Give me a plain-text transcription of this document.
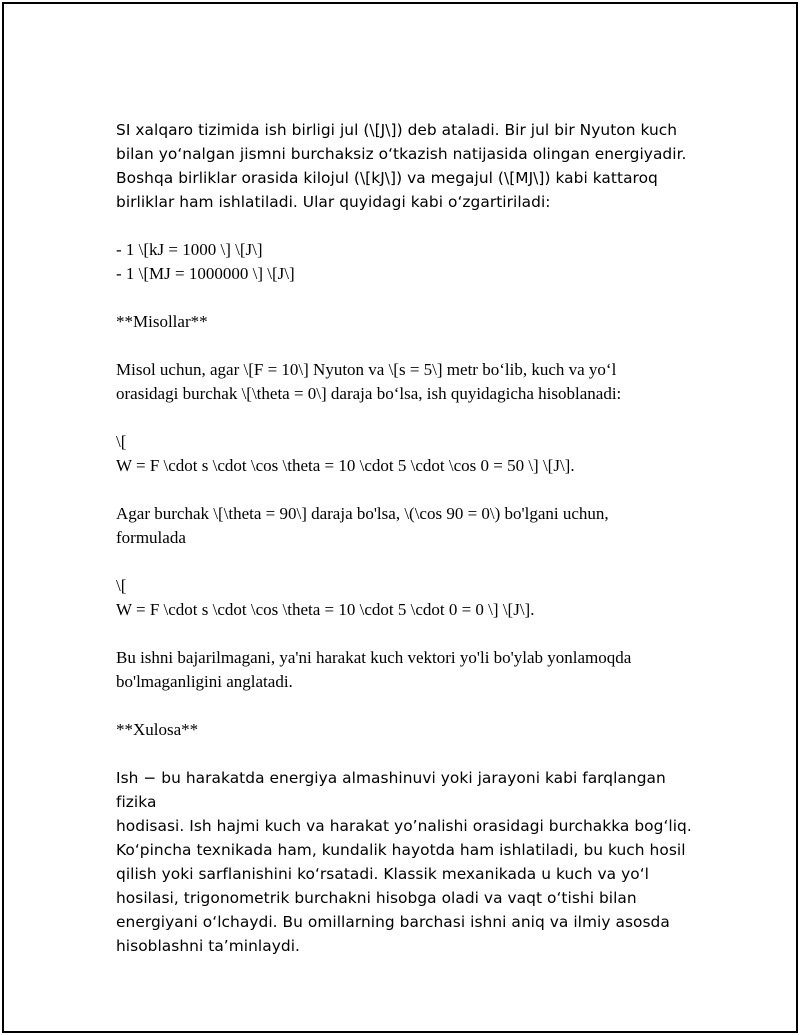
SI xalqaro tizimida ish birligi jul (\[J\]) deb ataladi. Bir jul bir Nyuton kuch
bilan yo‘nalgan jismni burchaksiz o‘tkazish natijasida olingan energiyadir.
Boshqa birliklar orasida kilojul (\[kJ\]) va megajul (\[MJ\]) kabi kattaroq
birliklar ham ishlatiladi. Ular quyidagi kabi o‘zgartiriladi:
- 1 \[kJ = 1000 \] \[J\]
- 1 \[MJ = 1000000 \] \[J\]
**Misollar**
Misol uchun, agar \[F = 10\] Nyuton va \[s = 5\] metr bo‘lib, kuch va yo‘l
orasidagi burchak \[\theta = 0\] daraja bo‘lsa, ish quyidagicha hisoblanadi:
\[
W = F \cdot s \cdot \cos \theta = 10 \cdot 5 \cdot \cos 0 = 50 \] \[J\].
Agar burchak \[\theta = 90\] daraja bo'lsa, \(\cos 90 = 0\) bo'lgani uchun,
formulada
\[
W = F \cdot s \cdot \cos \theta = 10 \cdot 5 \cdot 0 = 0 \] \[J\].
Bu ishni bajarilmagani, ya'ni harakat kuch vektori yo'li bo'ylab yonlamoqda
bo'lmaganligini anglatadi.
**Xulosa**
Ish − bu harakatda energiya almashinuvi yoki jarayoni kabi farqlangan fizika
hodisasi. Ish hajmi kuch va harakat yo’nalishi orasidagi burchakka bog‘liq.
Ko‘pincha texnikada ham, kundalik hayotda ham ishlatiladi, bu kuch hosil
qilish yoki sarflanishini ko‘rsatadi. Klassik mexanikada u kuch va yo‘l
hosilasi, trigonometrik burchakni hisobga oladi va vaqt o‘tishi bilan
energiyani o‘lchaydi. Bu omillarning barchasi ishni aniq va ilmiy asosda
hisoblashni ta’minlaydi.
